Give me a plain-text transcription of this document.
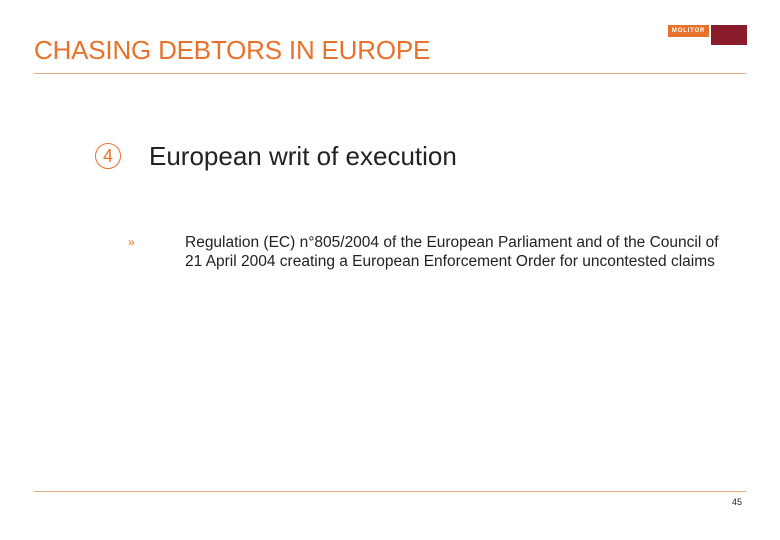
CHASING DEBTORS IN EUROPE
MOLITOR
4	European writ of execution
»	Regulation (EC) n°805/2004 of the European Parliament and of the Council of 21 April 2004 creating a European Enforcement Order for uncontested claims
45
